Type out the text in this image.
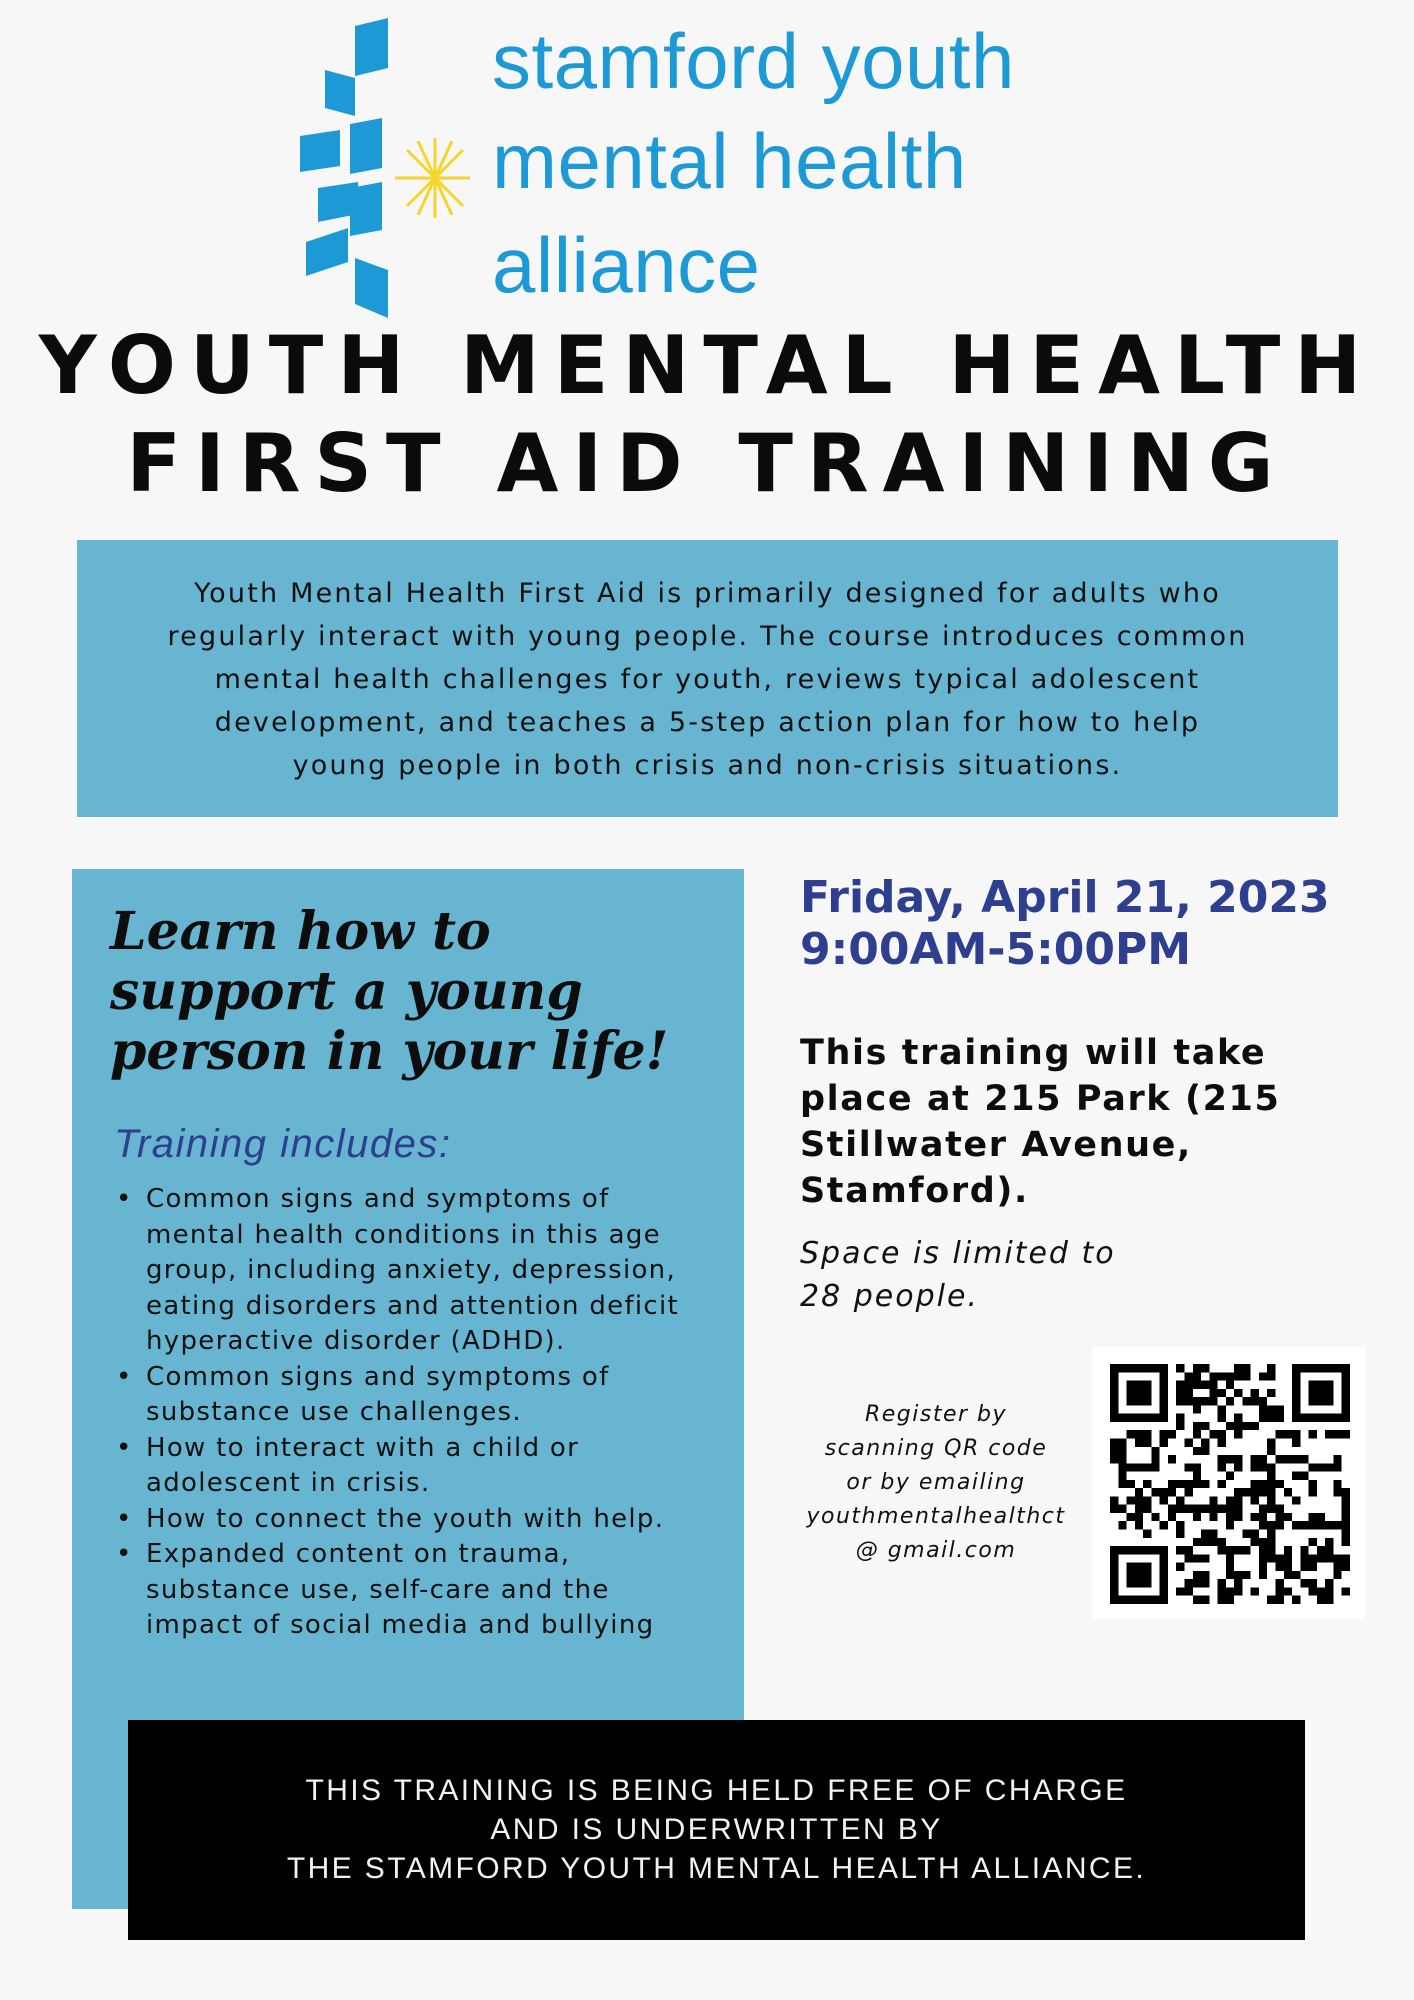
stamford youth
mental health
alliance
YOUTH MENTAL HEALTH
FIRST AID TRAINING
Youth Mental Health First Aid is primarily designed for adults who
regularly interact with young people. The course introduces common
mental health challenges for youth, reviews typical adolescent
development, and teaches a 5-step action plan for how to help
young people in both crisis and non-crisis situations.
Learn how to
support a young
person in your life!
Training includes:
• Common signs and symptoms of
mental health conditions in this age
group, including anxiety, depression,
eating disorders and attention deficit
hyperactive disorder (ADHD).
• Common signs and symptoms of
substance use challenges.
• How to interact with a child or
adolescent in crisis.
• How to connect the youth with help.
• Expanded content on trauma,
substance use, self-care and the
impact of social media and bullying
Friday, April 21, 2023
9:00AM-5:00PM
This training will take
place at 215 Park (215
Stillwater Avenue,
Stamford).
Space is limited to
28 people.
Register by
scanning QR code
or by emailing
youthmentalhealthct
@ gmail.com
THIS TRAINING IS BEING HELD FREE OF CHARGE
AND IS UNDERWRITTEN BY
THE STAMFORD YOUTH MENTAL HEALTH ALLIANCE.
